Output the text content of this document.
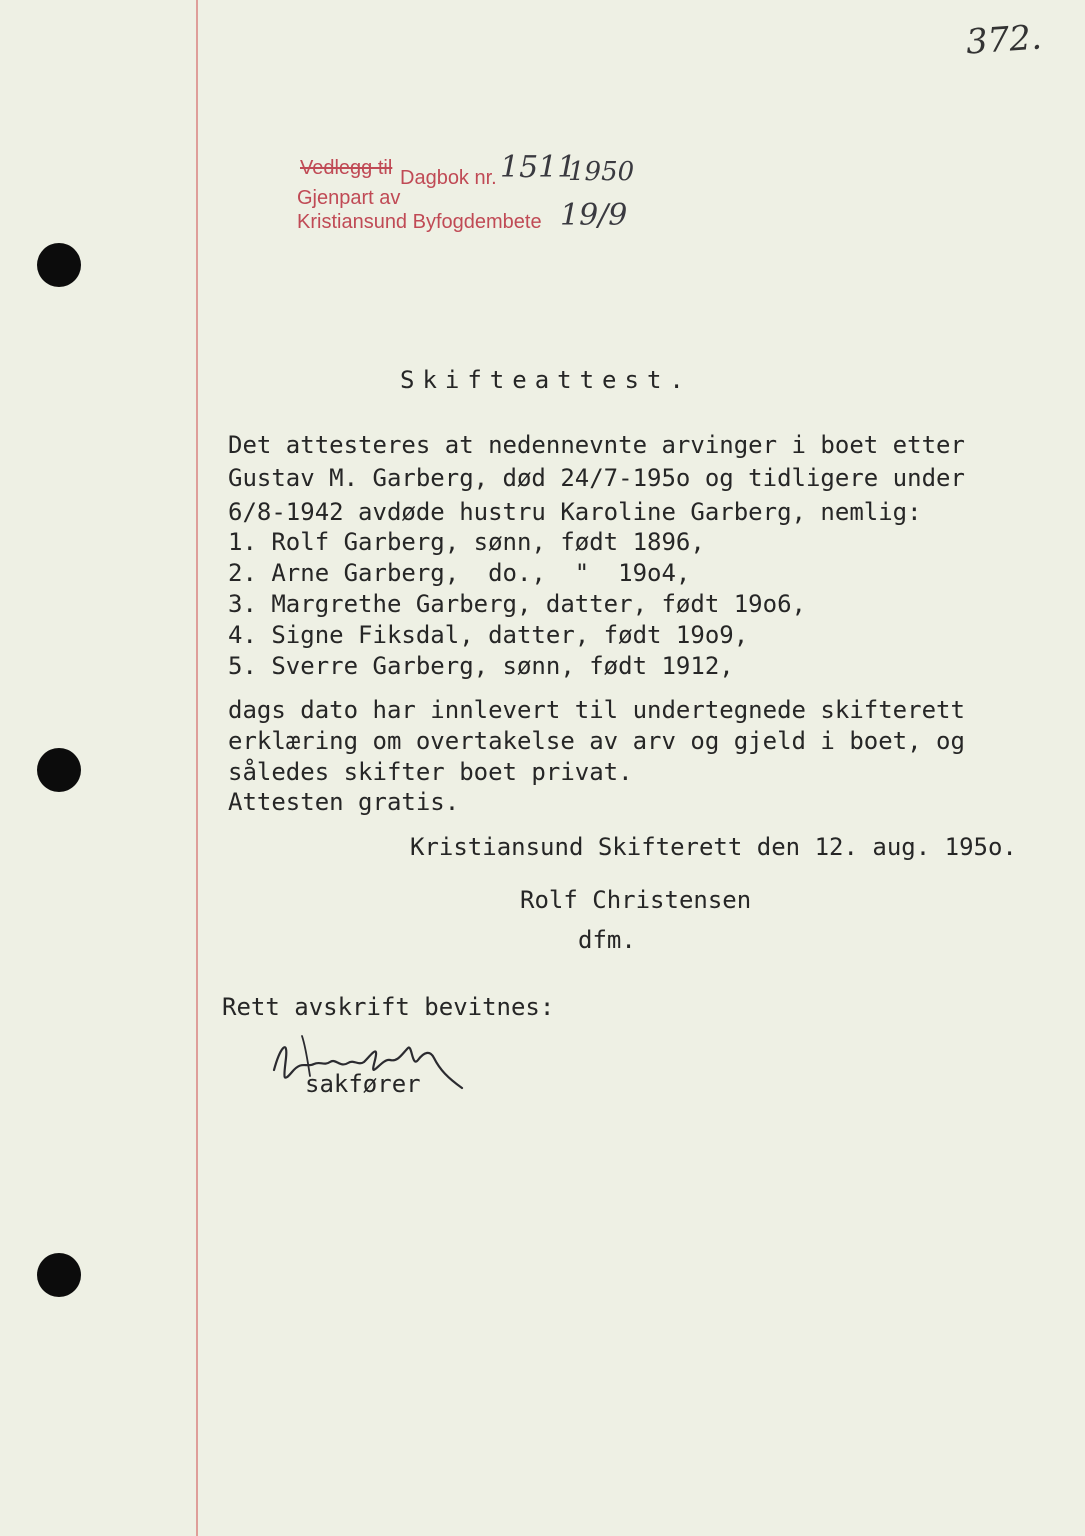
372.
Vedlegg til Dagbok nr. 1511
1950
Gjenpart av
Kristiansund Byfogdembete 19/9
Skifteattest.
Det attesteres at nedennevnte arvinger i boet etter
Gustav M. Garberg, død 24/7-195o og tidligere under
6/8-1942 avdøde hustru Karoline Garberg, nemlig:
1. Rolf Garberg, sønn, født 1896,
2. Arne Garberg,  do.,  "  19o4,
3. Margrethe Garberg, datter, født 19o6,
4. Signe Fiksdal, datter, født 19o9,
5. Sverre Garberg, sønn, født 1912,
dags dato har innlevert til undertegnede skifterett
erklæring om overtakelse av arv og gjeld i boet, og
således skifter boet privat.
Attesten gratis.
Kristiansund Skifterett den 12. aug. 195o.
Rolf Christensen
dfm.
Rett avskrift bevitnes:
sakfører
